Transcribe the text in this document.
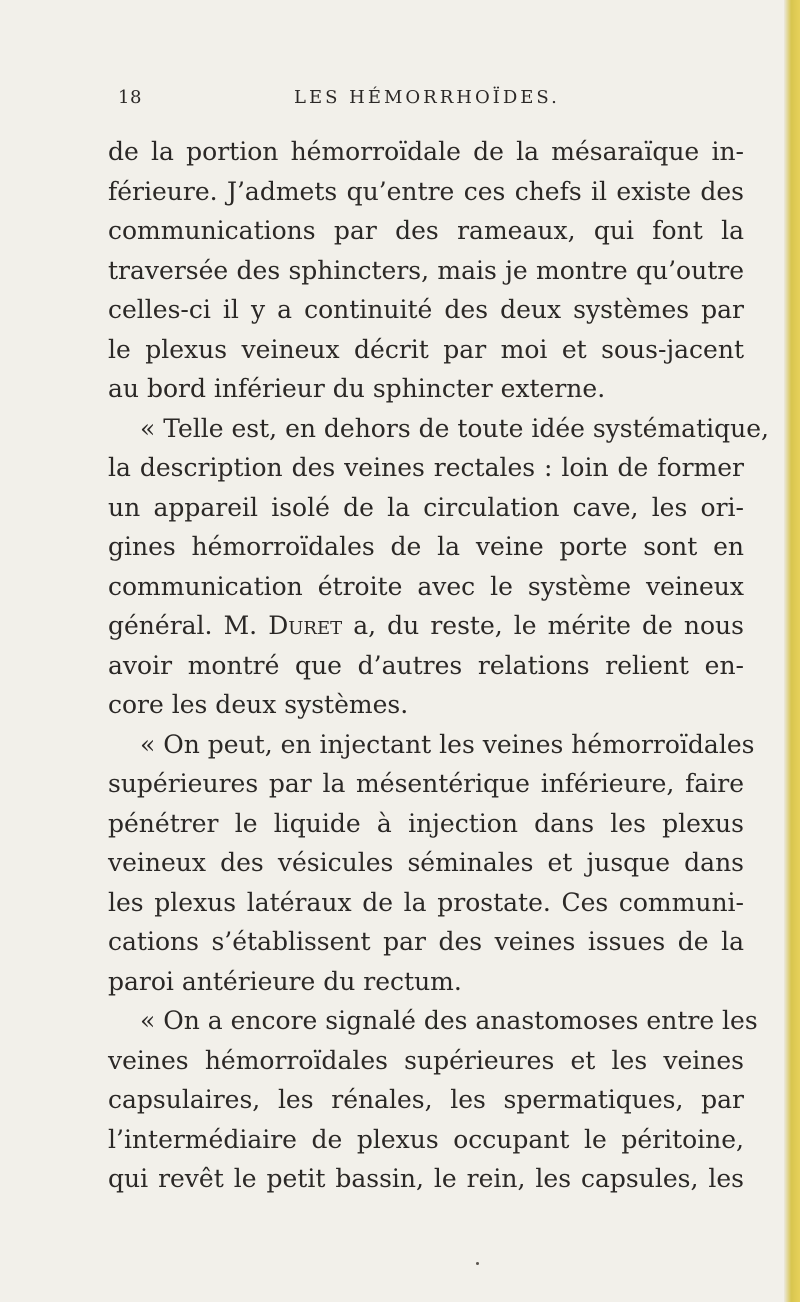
18	LES HÉMORRHOÏDES.
de la portion hémorroïdale de la mésaraïque in-
férieure. J’admets qu’entre ces chefs il existe des
communications par des rameaux, qui font la
traversée des sphincters, mais je montre qu’outre
celles-ci il y a continuité des deux systèmes par
le plexus veineux décrit par moi et sous-jacent
au bord inférieur du sphincter externe.
« Telle est, en dehors de toute idée systématique,
la description des veines rectales : loin de former
un appareil isolé de la circulation cave, les ori-
gines hémorroïdales de la veine porte sont en
communication étroite avec le système veineux
général. M. Duret a, du reste, le mérite de nous
avoir montré que d’autres relations relient en-
core les deux systèmes.
« On peut, en injectant les veines hémorroïdales
supérieures par la mésentérique inférieure, faire
pénétrer le liquide à injection dans les plexus
veineux des vésicules séminales et jusque dans
les plexus latéraux de la prostate. Ces communi-
cations s’établissent par des veines issues de la
paroi antérieure du rectum.
« On a encore signalé des anastomoses entre les
veines hémorroïdales supérieures et les veines
capsulaires, les rénales, les spermatiques, par
l’intermédiaire de plexus occupant le péritoine,
qui revêt le petit bassin, le rein, les capsules, les
